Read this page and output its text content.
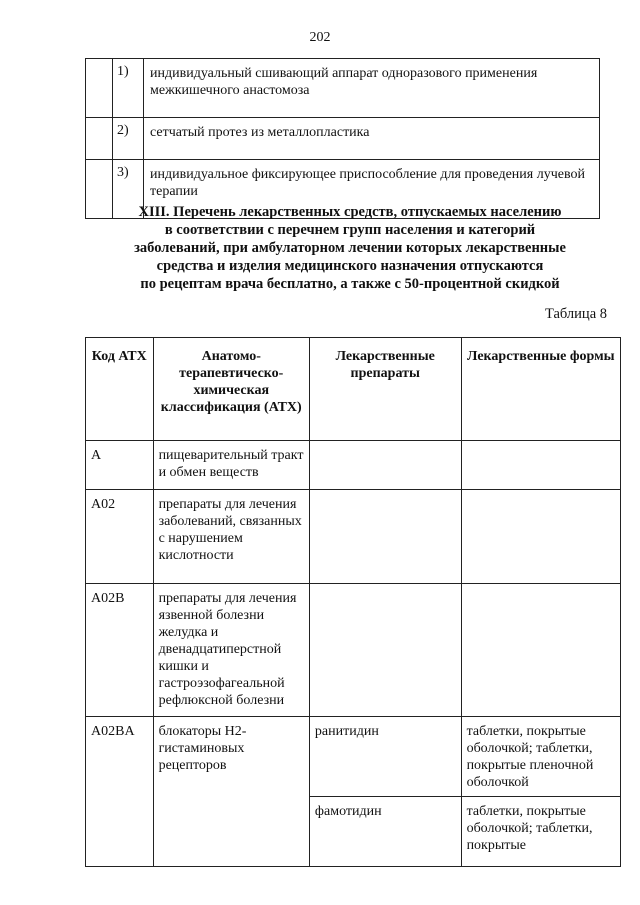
202
	1)	индивидуальный сшивающий аппарат одноразового применения межкишечного анастомоза
	2)	сетчатый протез из металлопластика
	3)	индивидуальное фиксирующее приспособление для проведения лучевой терапии
XIII. Перечень лекарственных средств, отпускаемых населению
в соответствии с перечнем групп населения и категорий
заболеваний, при амбулаторном лечении которых лекарственные
средства и изделия медицинского назначения отпускаются
по рецептам врача бесплатно, а также с 50-процентной скидкой
Таблица 8
Код АТХ	Анатомо-терапевтическо-химическая классификация (АТХ)	Лекарственные препараты	Лекарственные формы
A	пищеварительный тракт и обмен веществ		
A02	препараты для лечения заболеваний, связанных с нарушением кислотности		
A02B	препараты для лечения язвенной болезни желудка и двенадцатиперстной кишки и гастроэзофагеальной рефлюксной болезни		
A02BA	блокаторы Н2-гистаминовых рецепторов	ранитидин	таблетки, покрытые оболочкой; таблетки, покрытые пленочной оболочкой
		фамотидин	таблетки, покрытые оболочкой; таблетки, покрытые
